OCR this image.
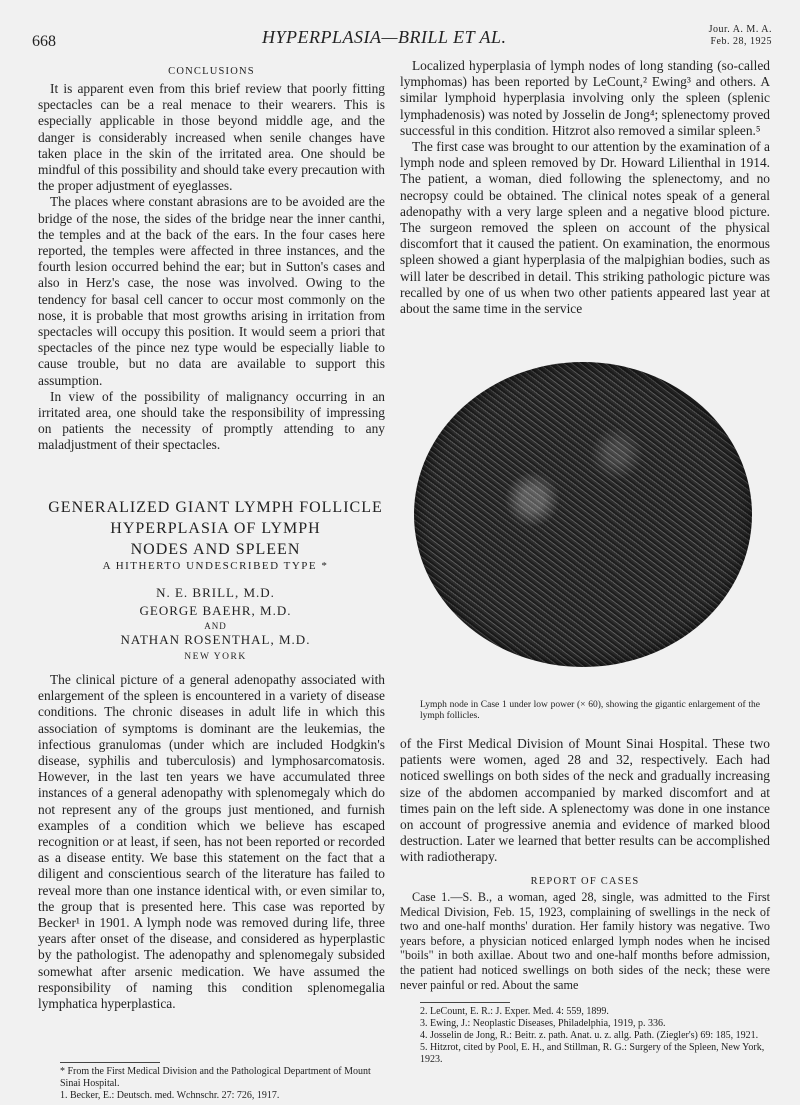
668	HYPERPLASIA—BRILL ET AL.	Jour. A. M. A.
Feb. 28, 1925
CONCLUSIONS

It is apparent even from this brief review that poorly fitting spectacles can be a real menace to their wearers. This is especially applicable in those beyond middle age, and the danger is considerably increased when senile changes have taken place in the skin of the irritated area. One should be mindful of this possibility and should take every precaution with the proper adjustment of eyeglasses.

The places where constant abrasions are to be avoided are the bridge of the nose, the sides of the bridge near the inner canthi, the temples and at the back of the ears. In the four cases here reported, the temples were affected in three instances, and the fourth lesion occurred behind the ear; but in Sutton's cases and also in Herz's case, the nose was involved. Owing to the tendency for basal cell cancer to occur most commonly on the nose, it is probable that most growths arising in irritation from spectacles will occupy this position. It would seem a priori that spectacles of the pince nez type would be especially liable to cause trouble, but no data are available to support this assumption.

In view of the possibility of malignancy occurring in an irritated area, one should take the responsibility of impressing on patients the necessity of promptly attending to any maladjustment of their spectacles.

GENERALIZED GIANT LYMPH FOLLICLE
HYPERPLASIA OF LYMPH
NODES AND SPLEEN
A HITHERTO UNDESCRIBED TYPE *
N. E. BRILL, M.D.
GEORGE BAEHR, M.D.
AND
NATHAN ROSENTHAL, M.D.
NEW YORK

The clinical picture of a general adenopathy associated with enlargement of the spleen is encountered in a variety of disease conditions. The chronic diseases in adult life in which this association of symptoms is dominant are the leukemias, the infectious granulomas (under which are included Hodgkin's disease, syphilis and tuberculosis) and lymphosarcomatosis. However, in the last ten years we have accumulated three instances of a general adenopathy with splenomegaly which do not represent any of the groups just mentioned, and furnish examples of a condition which we believe has escaped recognition or at least, if seen, has not been reported or recorded as a disease entity. We base this statement on the fact that a diligent and conscientious search of the literature has failed to reveal more than one instance identical with, or even similar to, the group that is presented here. This case was reported by Becker¹ in 1901. A lymph node was removed during life, three years after onset of the disease, and considered as hyperplastic by the pathologist. The adenopathy and splenomegaly subsided somewhat after arsenic medication. We have assumed the responsibility of naming this condition splenomegalia lymphatica hyperplastica.

* From the First Medical Division and the Pathological Department of Mount Sinai Hospital.
1. Becker, E.: Deutsch. med. Wchnschr. 27: 726, 1917.

Localized hyperplasia of lymph nodes of long standing (so-called lymphomas) has been reported by LeCount,² Ewing³ and others. A similar lymphoid hyperplasia involving only the spleen (splenic lymphadenosis) was noted by Josselin de Jong⁴; splenectomy proved successful in this condition. Hitzrot also removed a similar spleen.⁵

The first case was brought to our attention by the examination of a lymph node and spleen removed by Dr. Howard Lilienthal in 1914. The patient, a woman, died following the splenectomy, and no necropsy could be obtained. The clinical notes speak of a general adenopathy with a very large spleen and a negative blood picture. The surgeon removed the spleen on account of the physical discomfort that it caused the patient. On examination, the enormous spleen showed a giant hyperplasia of the malpighian bodies, such as will later be described in detail. This striking pathologic picture was recalled by one of us when two other patients appeared last year at about the same time in the service

Lymph node in Case 1 under low power (× 60), showing the gigantic enlargement of the lymph follicles.

of the First Medical Division of Mount Sinai Hospital. These two patients were women, aged 28 and 32, respectively. Each had noticed swellings on both sides of the neck and gradually increasing size of the abdomen accompanied by marked discomfort and at times pain on the left side. A splenectomy was done in one instance on account of progressive anemia and evidence of marked blood destruction. Later we learned that better results can be accomplished with radiotherapy.

REPORT OF CASES

Case 1.—S. B., a woman, aged 28, single, was admitted to the First Medical Division, Feb. 15, 1923, complaining of swellings in the neck of two and one-half months' duration. Her family history was negative. Two years before, a physician noticed enlarged lymph nodes when he incised "boils" in both axillae. About two and one-half months before admission, the patient had noticed swellings on both sides of the neck; these were never painful or red. About the same

2. LeCount, E. R.: J. Exper. Med. 4: 559, 1899.
3. Ewing, J.: Neoplastic Diseases, Philadelphia, 1919, p. 336.
4. Josselin de Jong, R.: Beitr. z. path. Anat. u. z. allg. Path. (Ziegler's) 69: 185, 1921.
5. Hitzrot, cited by Pool, E. H., and Stillman, R. G.: Surgery of the Spleen, New York, 1923.
